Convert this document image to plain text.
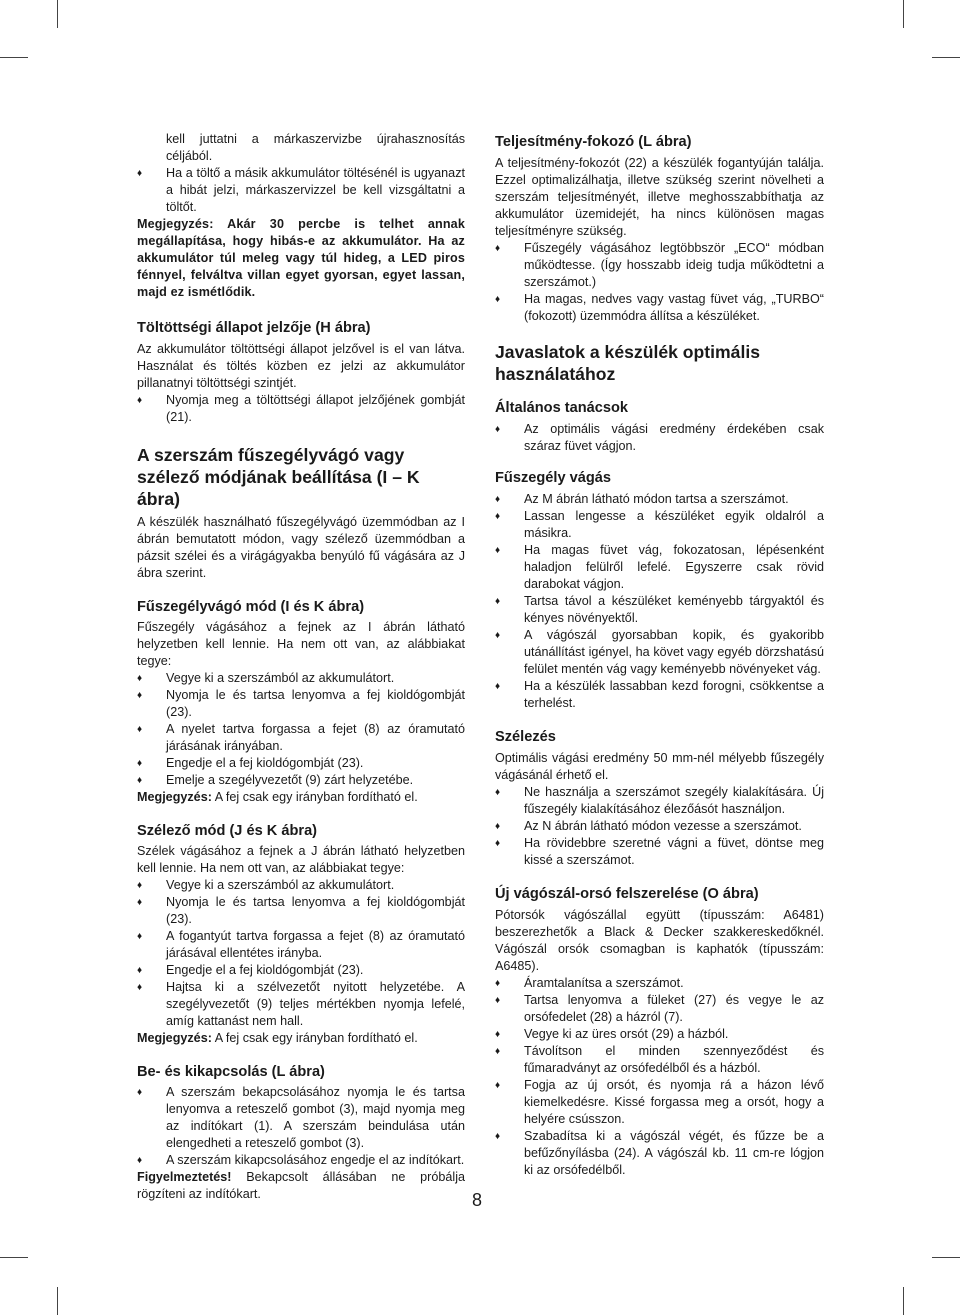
kell juttatni a márkaszervizbe újrahasznosítás céljából.

♦ Ha a töltő a másik akkumulátor töltésénél is ugyanazt a hibát jelzi, márkaszervizzel be kell vizsgáltatni a töltőt.

Megjegyzés: Akár 30 percbe is telhet annak megállapítása, hogy hibás-e az akkumulátor. Ha az akkumulátor túl meleg vagy túl hideg, a LED piros fénnyel, felváltva villan egyet gyorsan, egyet lassan, majd ez ismétlődik.

Töltöttségi állapot jelzője (H ábra)

Az akkumulátor töltöttségi állapot jelzővel is el van látva. Használat és töltés közben ez jelzi az akkumulátor pillanatnyi töltöttségi szintjét.

♦ Nyomja meg a töltöttségi állapot jelzőjének gombját (21).

A szerszám fűszegélyvágó vagy szélező módjának beállítása (I – K ábra)

A készülék használható fűszegélyvágó üzemmódban az I ábrán bemutatott módon, vagy szélező üzemmódban a pázsit szélei és a virágágyakba benyúló fű vágására az J ábra szerint.

Fűszegélyvágó mód (I és K ábra)

Fűszegély vágásához a fejnek az I ábrán látható helyzetben kell lennie. Ha nem ott van, az alábbiakat tegye:

♦ Vegye ki a szerszámból az akkumulátort.

♦ Nyomja le és tartsa lenyomva a fej kioldógombját (23).

♦ A nyelet tartva forgassa a fejet (8) az óramutató járásának irányában.

♦ Engedje el a fej kioldógombját (23).

♦ Emelje a szegélyvezetőt (9) zárt helyzetébe.

Megjegyzés: A fej csak egy irányban fordítható el.

Szélező mód (J és K ábra)

Szélek vágásához a fejnek a J ábrán látható helyzetben kell lennie. Ha nem ott van, az alábbiakat tegye:

♦ Vegye ki a szerszámból az akkumulátort.

♦ Nyomja le és tartsa lenyomva a fej kioldógombját (23).

♦ A fogantyút tartva forgassa a fejet (8) az óramutató járásával ellentétes irányba.

♦ Engedje el a fej kioldógombját (23).

♦ Hajtsa ki a szélvezetőt nyitott helyzetébe. A szegélyvezetőt (9) teljes mértékben nyomja lefelé, amíg kattanást nem hall.

Megjegyzés: A fej csak egy irányban fordítható el.

Be- és kikapcsolás (L ábra)

♦ A szerszám bekapcsolásához nyomja le és tartsa lenyomva a reteszelő gombot (3), majd nyomja meg az indítókart (1). A szerszám beindulása után elengedheti a reteszelő gombot (3).

♦ A szerszám kikapcsolásához engedje el az indítókart.

Figyelmeztetés! Bekapcsolt állásában ne próbálja rögzíteni az indítókart.

Teljesítmény-fokozó (L ábra)

A teljesítmény-fokozót (22) a készülék fogantyúján találja. Ezzel optimalizálhatja, illetve szükség szerint növelheti a szerszám teljesítményét, illetve meghosszabbíthatja az akkumulátor üzemidejét, ha nincs különösen magas teljesítményre szükség.

♦ Fűszegély vágásához legtöbbször „ECO“ módban működtesse. (Így hosszabb ideig tudja működtetni a szerszámot.)

♦ Ha magas, nedves vagy vastag füvet vág, „TURBO“ (fokozott) üzemmódra állítsa a készüléket.

Javaslatok a készülék optimális használatához
Általános tanácsok

♦ Az optimális vágási eredmény érdekében csak száraz füvet vágjon.

Fűszegély vágás

♦ Az M ábrán látható módon tartsa a szerszámot.

♦ Lassan lengesse a készüléket egyik oldalról a másikra.

♦ Ha magas füvet vág, fokozatosan, lépésenként haladjon felülről lefelé. Egyszerre csak rövid darabokat vágjon.

♦ Tartsa távol a készüléket keményebb tárgyaktól és kényes növényektől.

♦ A vágószál gyorsabban kopik, és gyakoribb utánállítást igényel, ha követ vagy egyéb dörzshatású felület mentén vág vagy keményebb növényeket vág.

♦ Ha a készülék lassabban kezd forogni, csökkentse a terhelést.

Szélezés

Optimális vágási eredmény 50 mm-nél mélyebb fűszegély vágásánál érhető el.

♦ Ne használja a szerszámot szegély kialakítására. Új fűszegély kialakításához élezőásót használjon.

♦ Az N ábrán látható módon vezesse a szerszámot.

♦ Ha rövidebbre szeretné vágni a füvet, döntse meg kissé a szerszámot.

Új vágószál-orsó felszerelése (O ábra)

Pótorsók vágószállal együtt (típusszám: A6481) beszerezhetők a Black & Decker szakkereskedőknél. Vágószál orsók csomagban is kaphatók (típusszám: A6485).

♦ Áramtalanítsa a szerszámot.

♦ Tartsa lenyomva a füleket (27) és vegye le az orsófedelet (28) a házról (7).

♦ Vegye ki az üres orsót (29) a házból.

♦ Távolítson el minden szennyeződést és fűmaradványt az orsófedélből és a házból.

♦ Fogja az új orsót, és nyomja rá a házon lévő kiemelkedésre. Kissé forgassa meg a orsót, hogy a helyére csússzon.

♦ Szabadítsa ki a vágószál végét, és fűzze be a befűzőnyílásba (24). A vágószál kb. 11 cm-re lógjon ki az orsófedélből.

8
